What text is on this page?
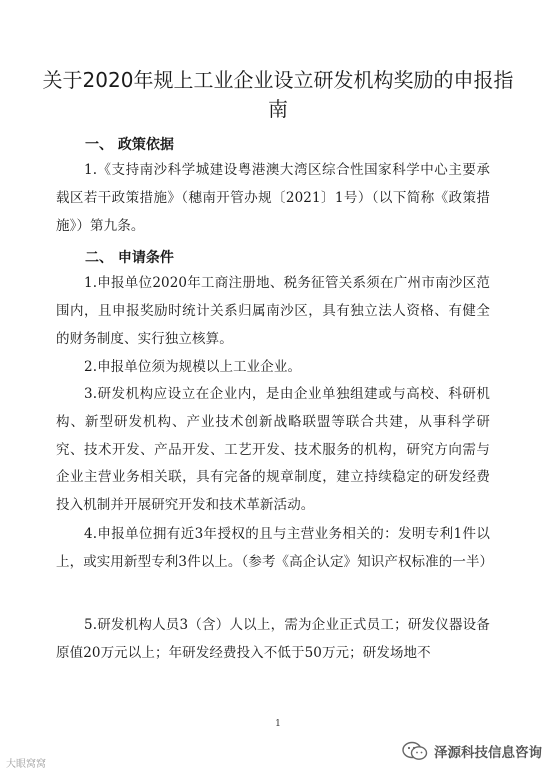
关于2020年规上工业企业设立研发机构奖励的申报指南
一、 政策依据
1.《支持南沙科学城建设粤港澳大湾区综合性国家科学中心主要承载区若干政策措施》（穗南开管办规〔2021〕1号）（以下简称《政策措施》）第九条。
二、 申请条件
1.申报单位2020年工商注册地、税务征管关系须在广州市南沙区范围内，且申报奖励时统计关系归属南沙区，具有独立法人资格、有健全的财务制度、实行独立核算。
2.申报单位须为规模以上工业企业。
3.研发机构应设立在企业内，是由企业单独组建或与高校、科研机构、新型研发机构、产业技术创新战略联盟等联合共建，从事科学研究、技术开发、产品开发、工艺开发、技术服务的机构，研究方向需与企业主营业务相关联，具有完备的规章制度，建立持续稳定的研发经费投入机制并开展研究开发和技术革新活动。
4.申报单位拥有近3年授权的且与主营业务相关的：发明专利1件以上，或实用新型专利3件以上。（参考《高企认定》知识产权标准的一半）
5.研发机构人员3（含）人以上，需为企业正式员工；研发仪器设备原值20万元以上；年研发经费投入不低于50万元；研发场地不
1
大眼窝窝
泽源科技信息咨询
